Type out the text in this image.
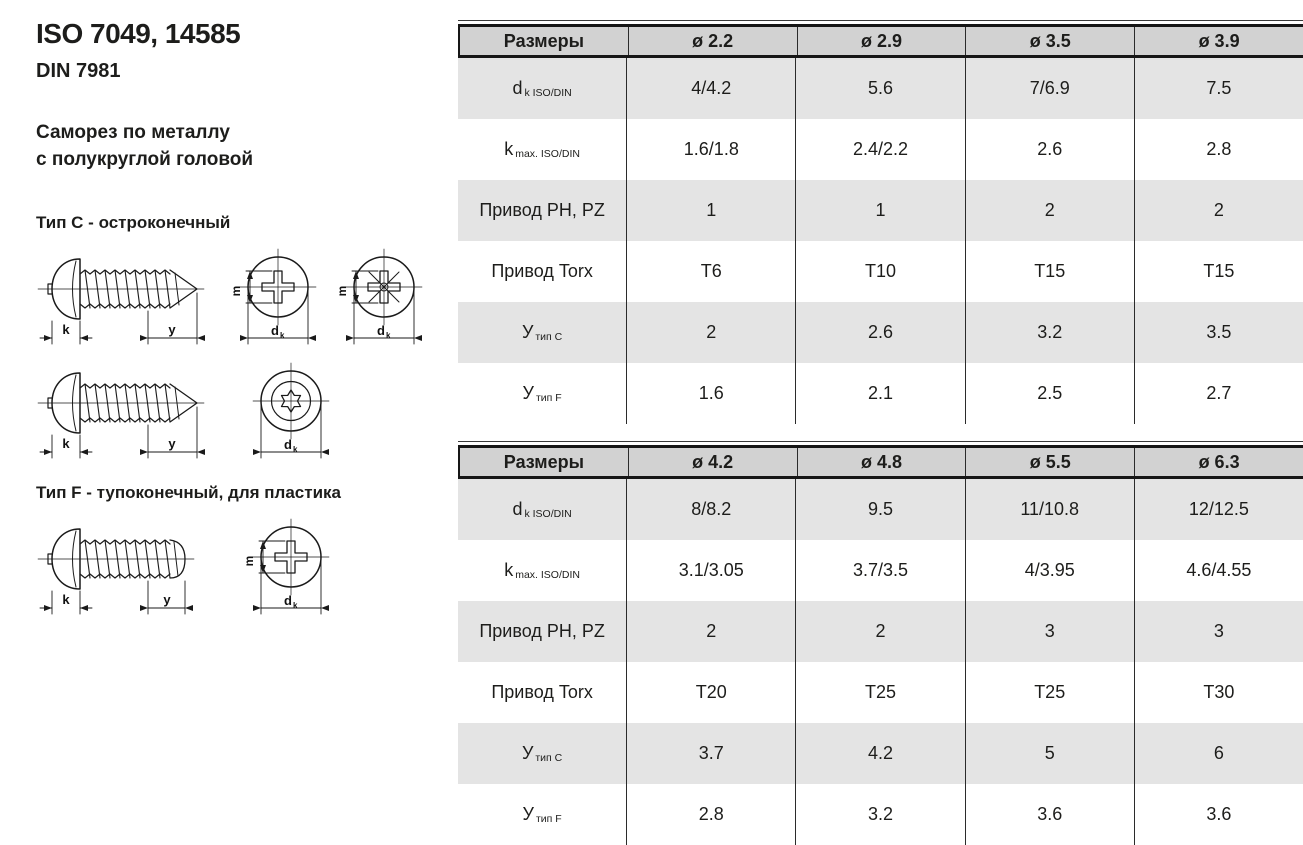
ISO 7049, 14585
DIN 7981

Саморез по металлу
с полукруглой головой

Тип C - остроконечный
Тип F - тупоконечный, для пластика
Размеры	ø 2.2	ø 2.9	ø 3.5	ø 3.9
d k ISO/DIN	4/4.2	5.6	7/6.9	7.5
k max. ISO/DIN	1.6/1.8	2.4/2.2	2.6	2.8
Привод PH, PZ	1	1	2	2
Привод Torx	T6	T10	T15	T15
У тип C	2	2.6	3.2	3.5
У тип F	1.6	2.1	2.5	2.7
Размеры	ø 4.2	ø 4.8	ø 5.5	ø 6.3
d k ISO/DIN	8/8.2	9.5	11/10.8	12/12.5
k max. ISO/DIN	3.1/3.05	3.7/3.5	4/3.95	4.6/4.55
Привод PH, PZ	2	2	3	3
Привод Torx	T20	T25	T25	T30
У тип C	3.7	4.2	5	6
У тип F	2.8	3.2	3.6	3.6
